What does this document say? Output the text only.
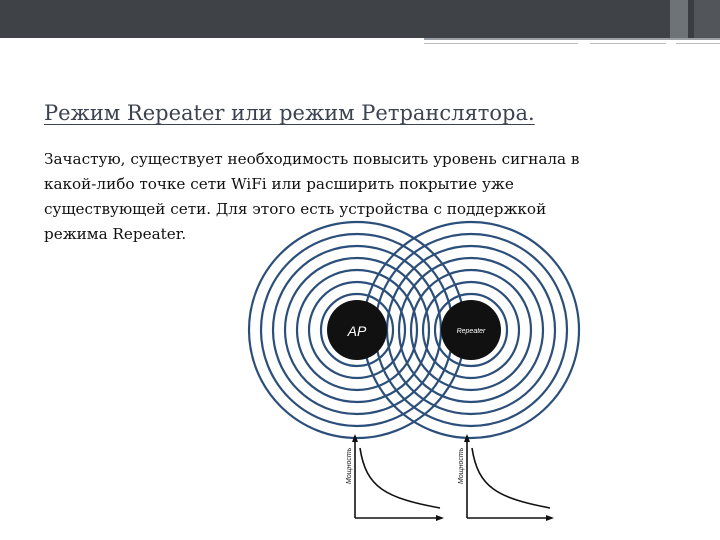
Режим Repeater или режим Ретранслятора.
Зачастую, существует необходимость повысить уровень сигнала в
какой-либо точке сети WiFi или расширить покрытие уже
существующей сети. Для этого есть устройства с поддержкой
режима Repeater.
AP	Repeater
Мощность	Мощность
